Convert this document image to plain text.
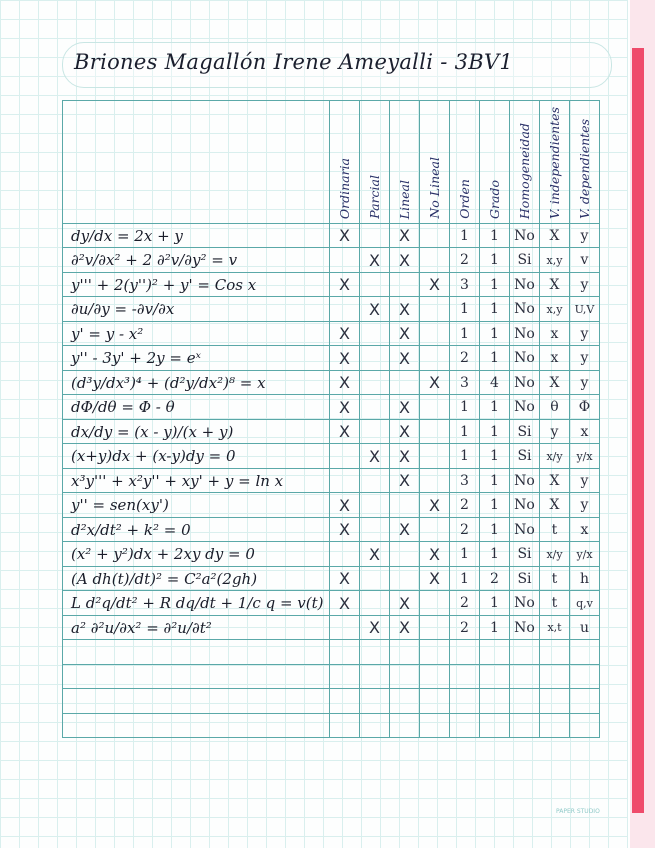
Briones Magallón Irene Ameyalli - 3BV1
	Ordinaria	Parcial	Lineal	No Lineal	Orden	Grado	Homogeneidad	V. independientes	V. dependientes
dy/dx = 2x + y	X		X		1	1	No	X	y
∂²v/∂x² + 2 ∂²v/∂y² = v		X	X		2	1	Si	x,y	v
y''' + 2(y'')² + y' = Cos x	X			X	3	1	No	X	y
∂u/∂y = -∂v/∂x		X	X		1	1	No	x,y	U,V
y' = y - x²	X		X		1	1	No	x	y
y'' - 3y' + 2y = eˣ	X		X		2	1	No	x	y
(d³y/dx³)⁴ + (d²y/dx²)⁸ = x	X			X	3	4	No	X	y
dΦ/dθ = Φ - θ	X		X		1	1	No	θ	Φ
dx/dy = (x - y)/(x + y)	X		X		1	1	Si	y	x
(x+y)dx + (x-y)dy = 0		X	X		1	1	Si	x/y	y/x
x³y''' + x²y'' + xy' + y = ln x			X		3	1	No	X	y
y'' = sen(xy')	X			X	2	1	No	X	y
d²x/dt² + k² = 0	X		X		2	1	No	t	x
(x² + y²)dx + 2xy dy = 0		X		X	1	1	Si	x/y	y/x
(A dh(t)/dt)² = C²a²(2gh)	X			X	1	2	Si	t	h
L d²q/dt² + R dq/dt + 1/c q = v(t)	X		X		2	1	No	t	q,v
a² ∂²u/∂x² = ∂²u/∂t²		X	X		2	1	No	x,t	u

PAPER STUDIO
